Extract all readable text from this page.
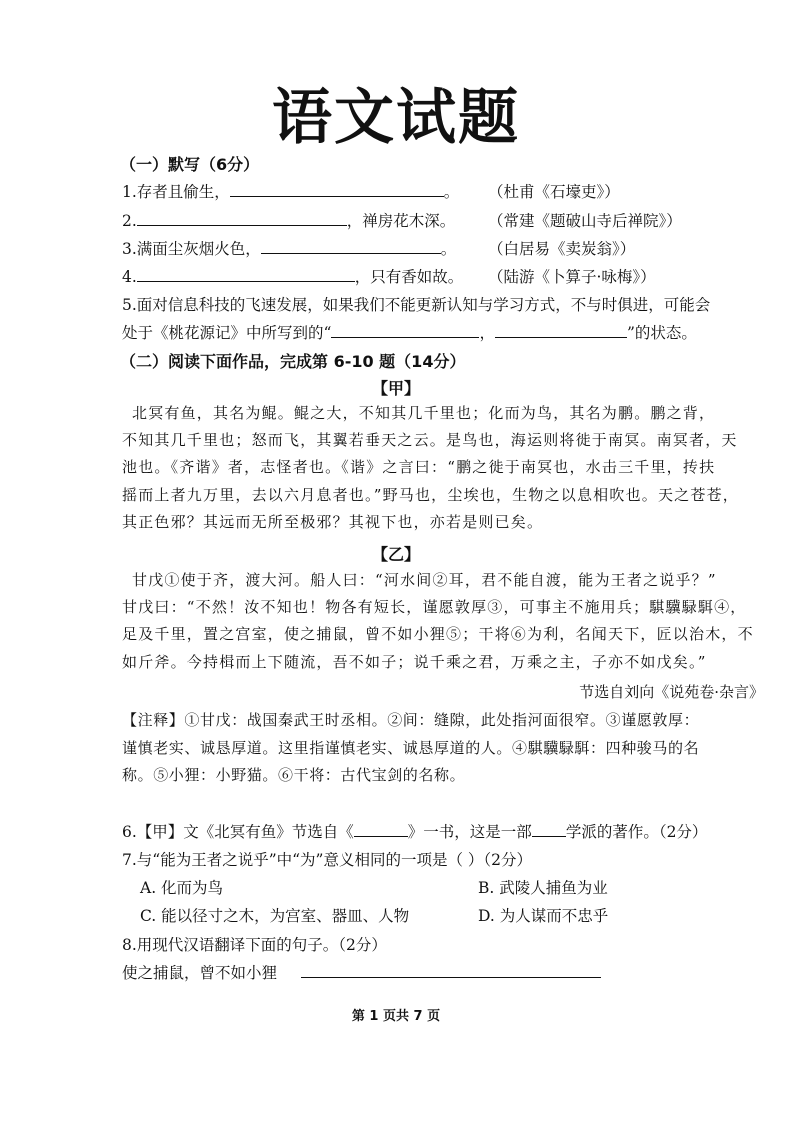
语文试题
（一）默写（6分）
1.存者且偷生，	。 （杜甫《石壕吏》）
2.	，禅房花木深。 （常建《题破山寺后禅院》）
3.满面尘灰烟火色，	。 （白居易《卖炭翁》）
4.	，只有香如故。 （陆游《卜算子·咏梅》）
5.面对信息科技的飞速发展，如果我们不能更新认知与学习方式，不与时俱进，可能会
处于《桃花源记》中所写到的“	，	”的状态。
（二）阅读下面作品，完成第 6-10 题（14分）
【甲】
北冥有鱼，其名为鲲。鲲之大，不知其几千里也；化而为鸟，其名为鹏。鹏之背，
不知其几千里也；怒而飞，其翼若垂天之云。是鸟也，海运则将徙于南冥。南冥者，天
池也。《齐谐》者，志怪者也。《谐》之言曰：“鹏之徙于南冥也，水击三千里，抟扶
摇而上者九万里，去以六月息者也。”野马也，尘埃也，生物之以息相吹也。天之苍苍，
其正色邪？其远而无所至极邪？其视下也，亦若是则已矣。
【乙】
甘戊①使于齐，渡大河。船人曰：“河水间②耳，君不能自渡，能为王者之说乎？”
甘戊曰：“不然！汝不知也！物各有短长，谨愿敦厚③，可事主不施用兵；騏驥騄駬④，
足及千里，置之宫室，使之捕鼠，曾不如小狸⑤；干将⑥为利，名闻天下，匠以治木，不
如斤斧。今持楫而上下随流，吾不如子；说千乘之君，万乘之主，子亦不如戊矣。”
节选自刘向《说苑卷·杂言》
【注释】①甘戊：战国秦武王时丞相。②间：缝隙，此处指河面很窄。③谨愿敦厚：
谨慎老实、诚恳厚道。这里指谨慎老实、诚恳厚道的人。④騏驥騄駬：四种骏马的名
称。⑤小狸：小野猫。⑥干将：古代宝剑的名称。
6.【甲】文《北冥有鱼》节选自《	》一书，这是一部 学派的著作。（2分）
7.与“能为王者之说乎”中“为”意义相同的一项是（ ）（2分）
A. 化而为鸟	B. 武陵人捕鱼为业
C. 能以径寸之木，为宫室、器皿、人物	D. 为人谋而不忠乎
8.用现代汉语翻译下面的句子。（2分）
使之捕鼠，曾不如小狸
第 1 页共 7 页
